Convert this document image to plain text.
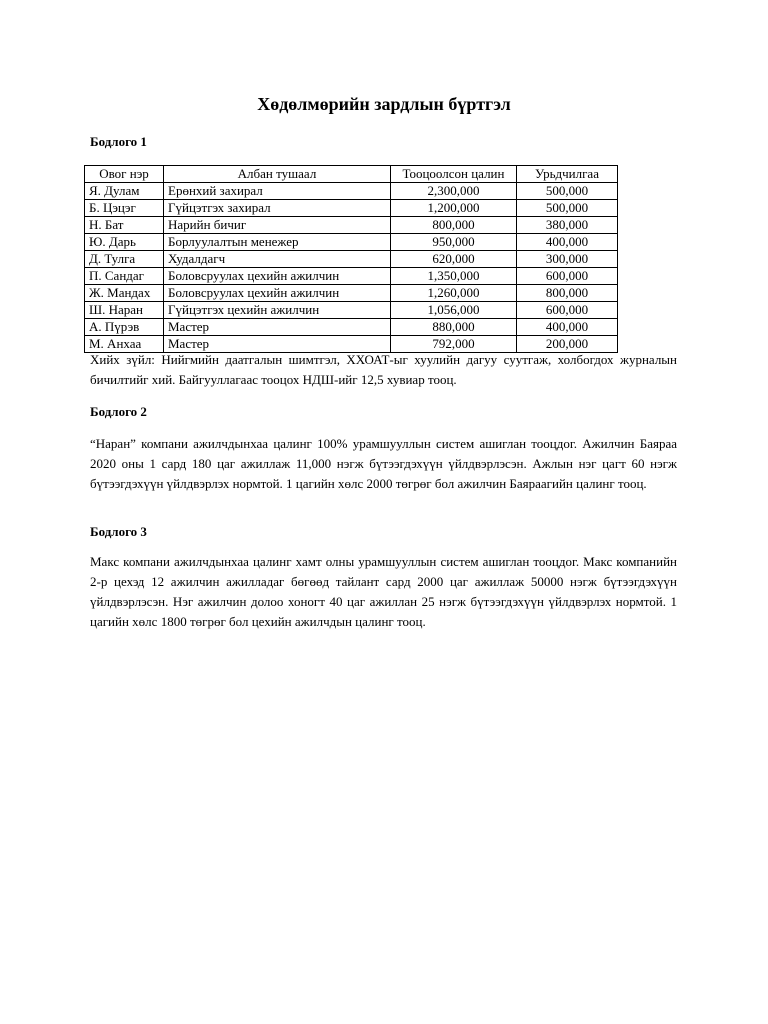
Хөдөлмөрийн зардлын бүртгэл

Бодлого 1

Овог нэр	Албан тушаал	Тооцоолсон цалин	Урьдчилгаа
Я. Дулам	Ерөнхий захирал	2,300,000	500,000
Б. Цэцэг	Гүйцэтгэх захирал	1,200,000	500,000
Н. Бат	Нарийн бичиг	800,000	380,000
Ю. Дарь	Борлуулалтын менежер	950,000	400,000
Д. Тулга	Худалдагч	620,000	300,000
П. Сандаг	Боловсруулах цехийн ажилчин	1,350,000	600,000
Ж. Мандах	Боловсруулах цехийн ажилчин	1,260,000	800,000
Ш. Наран	Гүйцэтгэх цехийн ажилчин	1,056,000	600,000
А. Пүрэв	Мастер	880,000	400,000
М. Анхаа	Мастер	792,000	200,000

Хийх зүйл: Нийгмийн даатгалын шимтгэл, ХХОАТ-ыг хуулийн дагуу суутгаж, холбогдох журналын бичилтийг хий. Байгууллагаас тооцох НДШ-ийг 12,5 хувиар тооц.

Бодлого 2

“Наран” компани ажилчдынхаа цалинг 100% урамшууллын систем ашиглан тооцдог. Ажилчин Баяраа 2020 оны 1 сард 180 цаг ажиллаж 11,000 нэгж бүтээгдэхүүн үйлдвэрлэсэн. Ажлын нэг цагт 60 нэгж бүтээгдэхүүн үйлдвэрлэх нормтой. 1 цагийн хөлс 2000 төгрөг бол ажилчин Баяраагийн цалинг тооц.

Бодлого 3

Макс компани ажилчдынхаа цалинг хамт олны урамшууллын систем ашиглан тооцдог. Макс компанийн 2-р цехэд 12 ажилчин ажилладаг бөгөөд тайлант сард 2000 цаг ажиллаж 50000 нэгж бүтээгдэхүүн үйлдвэрлэсэн. Нэг ажилчин долоо хоногт 40 цаг ажиллан 25 нэгж бүтээгдэхүүн үйлдвэрлэх нормтой. 1 цагийн хөлс 1800 төгрөг бол цехийн ажилчдын цалинг тооц.
